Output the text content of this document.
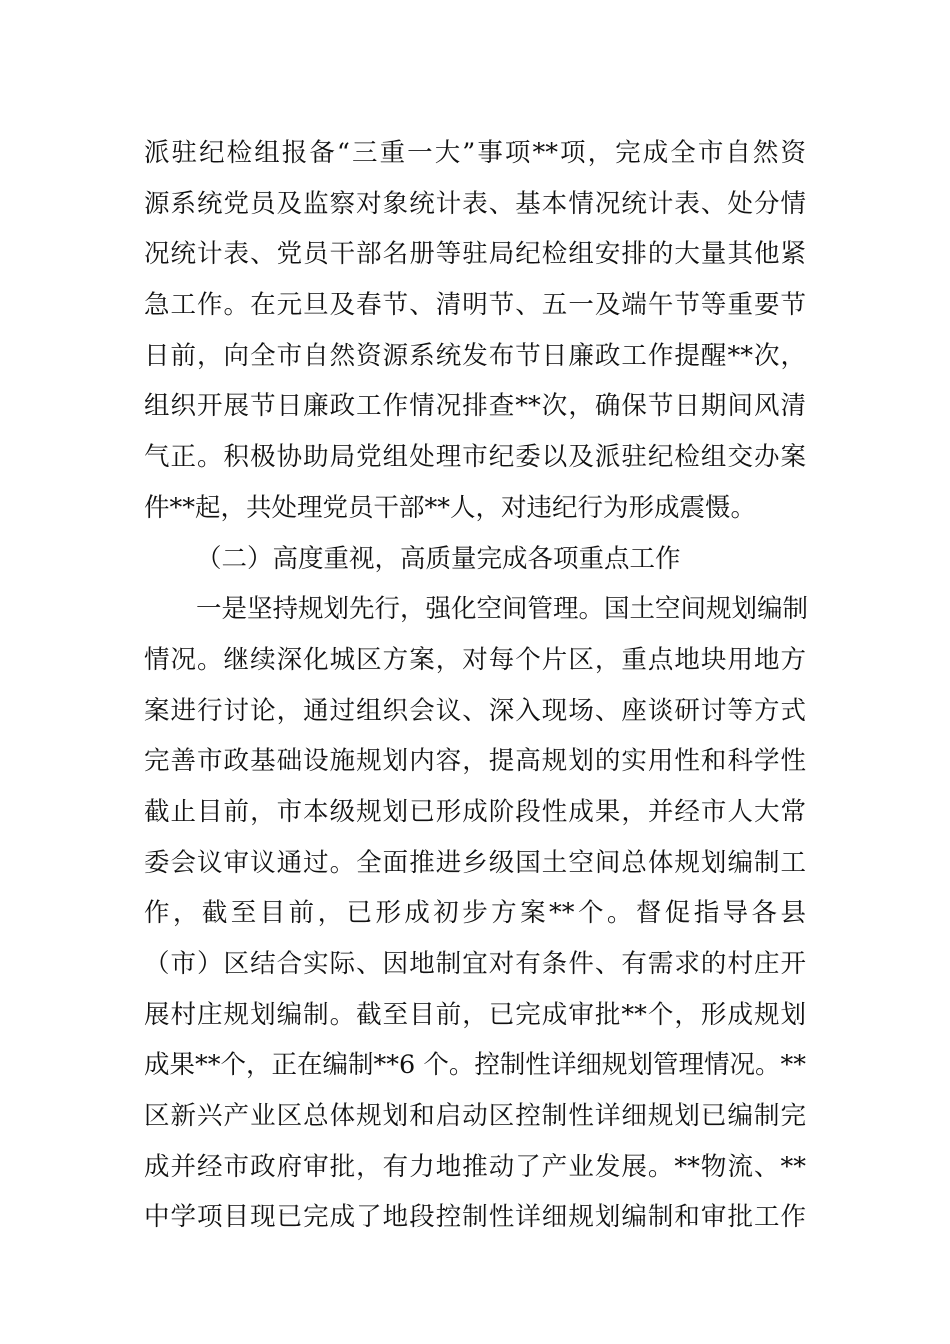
派驻纪检组报备“三重一大”事项**项，完成全市自然资
源系统党员及监察对象统计表、基本情况统计表、处分情
况统计表、党员干部名册等驻局纪检组安排的大量其他紧
急工作。在元旦及春节、清明节、五一及端午节等重要节
日前，向全市自然资源系统发布节日廉政工作提醒**次，
组织开展节日廉政工作情况排查**次，确保节日期间风清
气正。积极协助局党组处理市纪委以及派驻纪检组交办案
件**起，共处理党员干部**人，对违纪行为形成震慑。
（二）高度重视，高质量完成各项重点工作
一是坚持规划先行，强化空间管理。国土空间规划编制
情况。继续深化城区方案，对每个片区，重点地块用地方
案进行讨论，通过组织会议、深入现场、座谈研讨等方式
完善市政基础设施规划内容，提高规划的实用性和科学性
截止目前，市本级规划已形成阶段性成果，并经市人大常
委会议审议通过。全面推进乡级国土空间总体规划编制工
作，截至目前，已形成初步方案**个。督促指导各县
（市）区结合实际、因地制宜对有条件、有需求的村庄开
展村庄规划编制。截至目前，已完成审批**个，形成规划
成果**个，正在编制**6 个。控制性详细规划管理情况。**
区新兴产业区总体规划和启动区控制性详细规划已编制完
成并经市政府审批，有力地推动了产业发展。**物流、**
中学项目现已完成了地段控制性详细规划编制和审批工作
